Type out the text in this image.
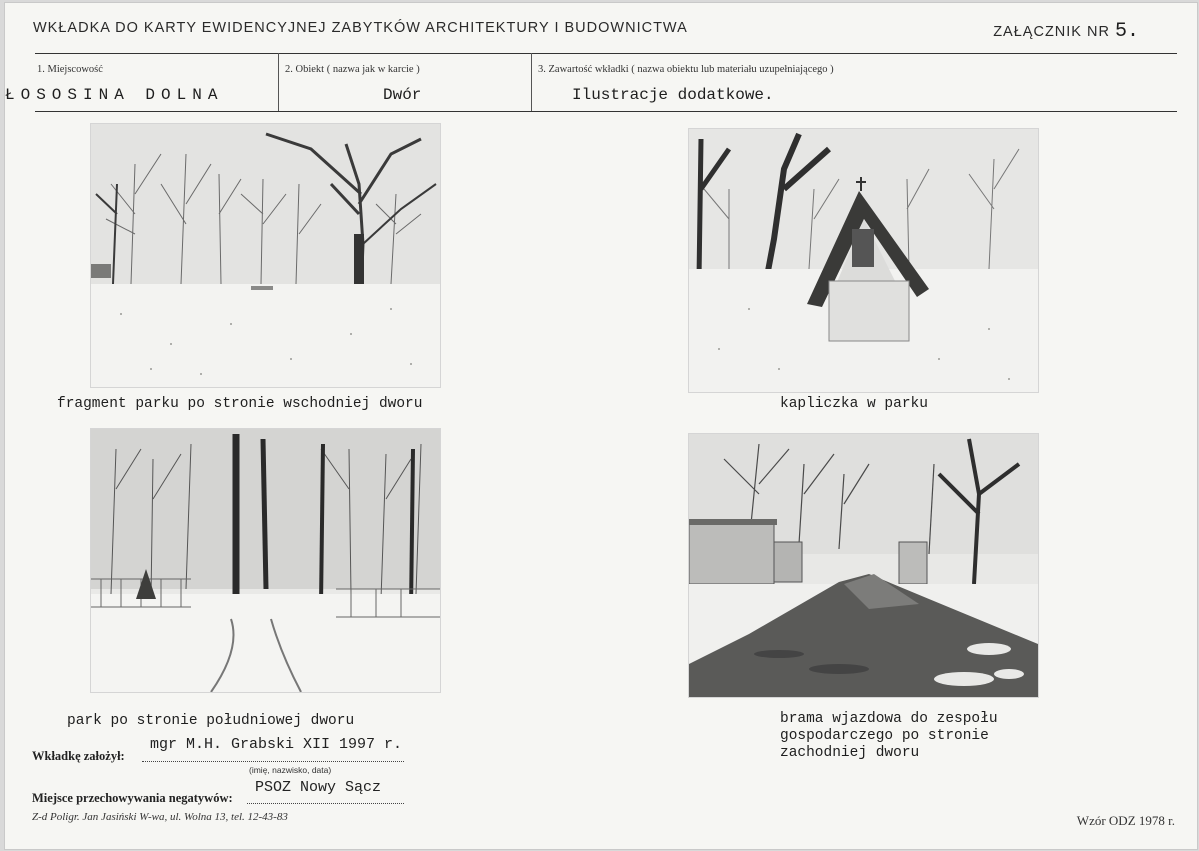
WKŁADKA DO KARTY EWIDENCYJNEJ ZABYTKÓW ARCHITEKTURY I BUDOWNICTWA	ZAŁĄCZNIK NR 5.
1. Miejscowość	2. Obiekt ( nazwa jak w karcie )	3. Zawartość wkładki ( nazwa obiektu lub materiału uzupełniającego )
ŁOSOSINA DOLNA	Dwór	Ilustracje dodatkowe.
fragment parku po stronie wschodniej dworu	kapliczka w parku
park po stronie południowej dworu	brama wjazdowa do zespołu
gospodarczego po stronie
zachodniej dworu
Wkładkę założył:
mgr M.H. Grabski XII 1997 r.
(imię, nazwisko, data)
Miejsce przechowywania negatywów:
PSOZ Nowy Sącz
Z-d Poligr. Jan Jasiński W-wa, ul. Wolna 13, tel. 12-43-83	Wzór ODZ 1978 r.
